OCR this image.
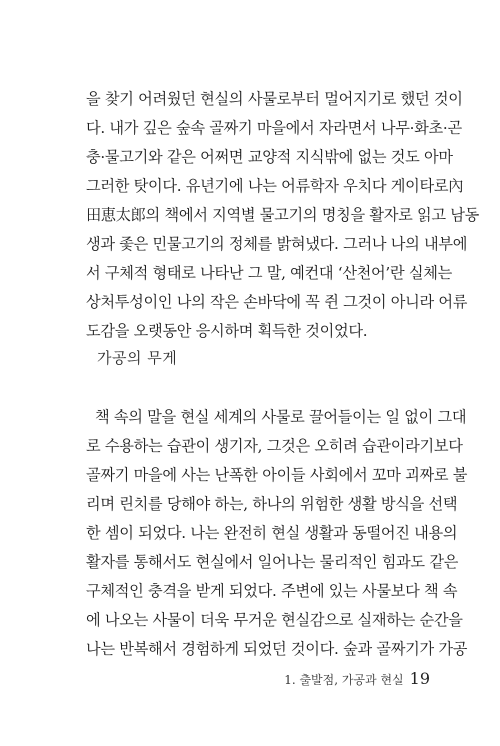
을 찾기 어려웠던 현실의 사물로부터 멀어지기로 했던 것이
다. 내가 깊은 숲속 골짜기 마을에서 자라면서 나무·화초·곤
충·물고기와 같은 어쩌면 교양적 지식밖에 없는 것도 아마
그러한 탓이다. 유년기에 나는 어류학자 우치다 게이타로內
田恵太郎의 책에서 지역별 물고기의 명칭을 활자로 읽고 남동
생과 좇은 민물고기의 정체를 밝혀냈다. 그러나 나의 내부에
서 구체적 형태로 나타난 그 말, 예컨대 ‘산천어’란 실체는
상처투성이인 나의 작은 손바닥에 꼭 쥔 그것이 아니라 어류
도감을 오랫동안 응시하며 획득한 것이었다.
가공의 무게
책 속의 말을 현실 세계의 사물로 끌어들이는 일 없이 그대
로 수용하는 습관이 생기자, 그것은 오히려 습관이라기보다
골짜기 마을에 사는 난폭한 아이들 사회에서 꼬마 괴짜로 불
리며 린치를 당해야 하는, 하나의 위험한 생활 방식을 선택
한 셈이 되었다. 나는 완전히 현실 생활과 동떨어진 내용의
활자를 통해서도 현실에서 일어나는 물리적인 힘과도 같은
구체적인 충격을 받게 되었다. 주변에 있는 사물보다 책 속
에 나오는 사물이 더욱 무거운 현실감으로 실재하는 순간을
나는 반복해서 경험하게 되었던 것이다. 숲과 골짜기가 가공
1. 출발점, 가공과 현실 19
